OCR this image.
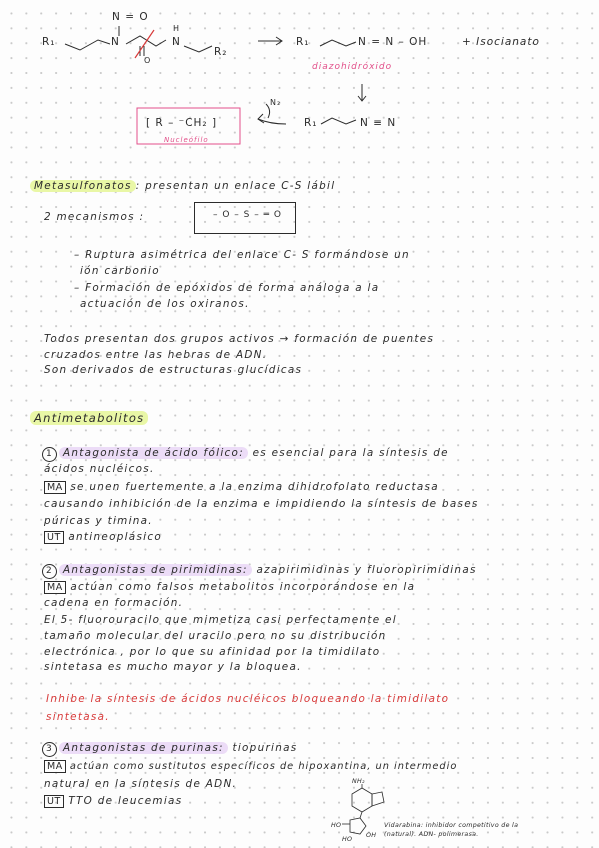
N = O
R₁	N
H
N
O
R₂
R₁	N = N – OH	+ Isocianato
diazohidróxido
N₂
R₁	N ≡ N
[ R – ⁻CH₂ ]
Nucleófilo
Metasulfonatos : presentan un enlace C-S lábil
2 mecanismos :	– O – S – ═ O
– Ruptura asimétrica del enlace C- S formándose un
ión carbonio
– Formación de epóxidos de forma análoga a la
actuación de los oxiranos.
Todos presentan dos grupos activos → formación de puentes
cruzados entre las hebras de ADN.
Son derivados de estructuras glucídicas
Antimetabolitos
1 Antagonista de ácido fólico: es esencial para la síntesis de
ácidos nucléicos.
MA se unen fuertemente a la enzima dihidrofolato reductasa
causando inhibición de la enzima e impidiendo la síntesis de bases
púricas y timina.
UT antineoplásico
2 Antagonistas de pirimidinas: azapirimidinas y fluoropirimidinas
MA actúan como falsos metabolitos incorporándose en la
cadena en formación.
El 5- fluorouracilo que mimetiza casi perfectamente el
tamaño molecular del uracilo pero no su distribución
electrónica , por lo que su afinidad por la timidilato
sintetasa es mucho mayor y la bloquea.
Inhibe la síntesis de ácidos nucléicos bloqueando la timidilato
sintetasa.
3 Antagonistas de purinas: tiopurinas
MA actúan como sustitutos específicos de hipoxantina, un intermedio
natural en la síntesis de ADN.
UT TTO de leucemias
NH₂
HO
HO
OH
Vidarabina: inhibidor competitivo de la
(natural). ADN- polimerasa.
